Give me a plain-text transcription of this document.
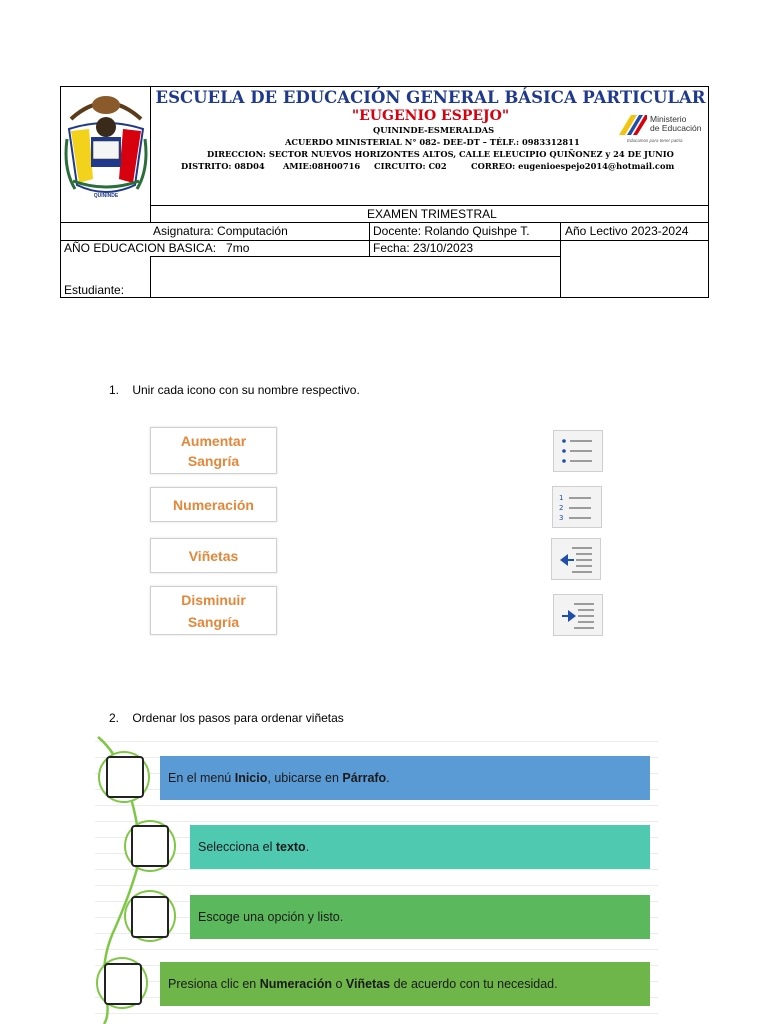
QUININDE
ESCUELA DE EDUCACIÓN GENERAL BÁSICA PARTICULAR
"EUGENIO ESPEJO"
QUININDE-ESMERALDAS
ACUERDO MINISTERIAL N° 082- DEE-DT – TÉLF.: 0983312811
DIRECCION: SECTOR NUEVOS HORIZONTES ALTOS, CALLE ELEUCIPIO QUIÑONEZ y 24 DE JUNIO
DISTRITO: 08D04 AMIE:08H00716 CIRCUITO: C02	CORREO: eugenioespejo2014@hotmail.com
Ministerio
de Educación
Educamos para tener patria
EXAMEN TRIMESTRAL
Asignatura: Computación	Docente: Rolando Quishpe T.	Año Lectivo 2023-2024
AÑO EDUCACION BASICA:   7mo	Fecha: 23/10/2023
Estudiante:
1.    Unir cada icono con su nombre respectivo.
Aumentar
Sangría
Numeración
Viñetas
Disminuir
Sangría
1
2
3
2.    Ordenar los pasos para ordenar viñetas
En el menú Inicio , ubicarse en Párrafo .
Selecciona el texto .
Escoge una opción y listo.
Presiona clic en Numeración o Viñetas de acuerdo con tu necesidad.
